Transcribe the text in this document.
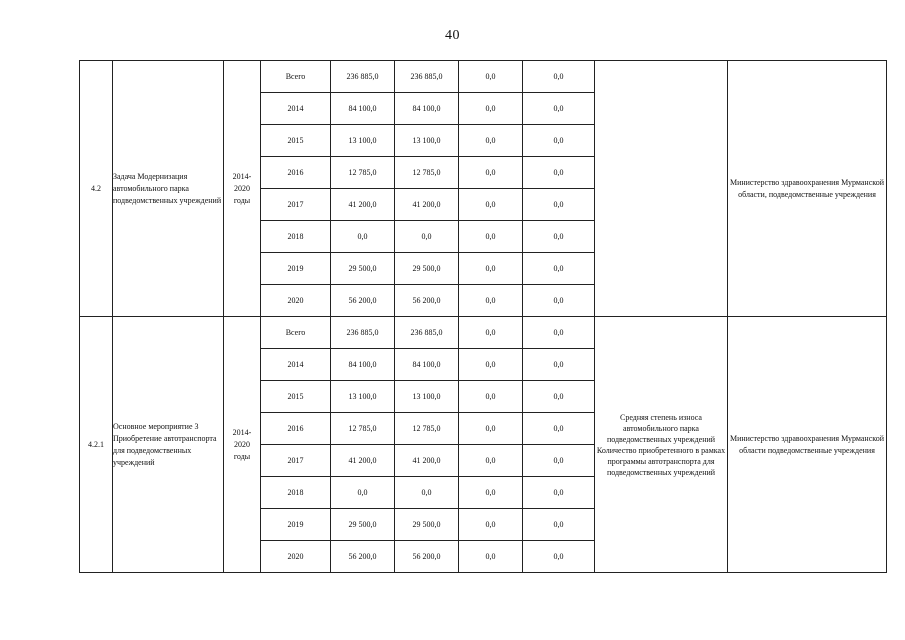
40
4.2	Задача Модернизация автомобильного парка подведомственных учреждений	2014-
2020
годы	Всего	236 885,0	236 885,0	0,0	0,0		Министерство здравоохранения Мурманской области, подведомственные учреждения
			2014	84 100,0	84 100,0	0,0	0,0		
			2015	13 100,0	13 100,0	0,0	0,0		
			2016	12 785,0	12 785,0	0,0	0,0		
			2017	41 200,0	41 200,0	0,0	0,0		
			2018	0,0	0,0	0,0	0,0		
			2019	29 500,0	29 500,0	0,0	0,0		
			2020	56 200,0	56 200,0	0,0	0,0		
4.2.1	Основное мероприятие 3 Приобретение автотранспорта для подведомственных учреждений	2014-
2020
годы	Всего	236 885,0	236 885,0	0,0	0,0	Средняя степень износа автомобильного парка подведомственных учреждений Количество приобретенного в рамках программы автотранспорта для подведомственных учреждений	Министерство здравоохранения Мурманской области подведомственные учреждения
			2014	84 100,0	84 100,0	0,0	0,0		
			2015	13 100,0	13 100,0	0,0	0,0		
			2016	12 785,0	12 785,0	0,0	0,0		
			2017	41 200,0	41 200,0	0,0	0,0		
			2018	0,0	0,0	0,0	0,0		
			2019	29 500,0	29 500,0	0,0	0,0		
			2020	56 200,0	56 200,0	0,0	0,0		
